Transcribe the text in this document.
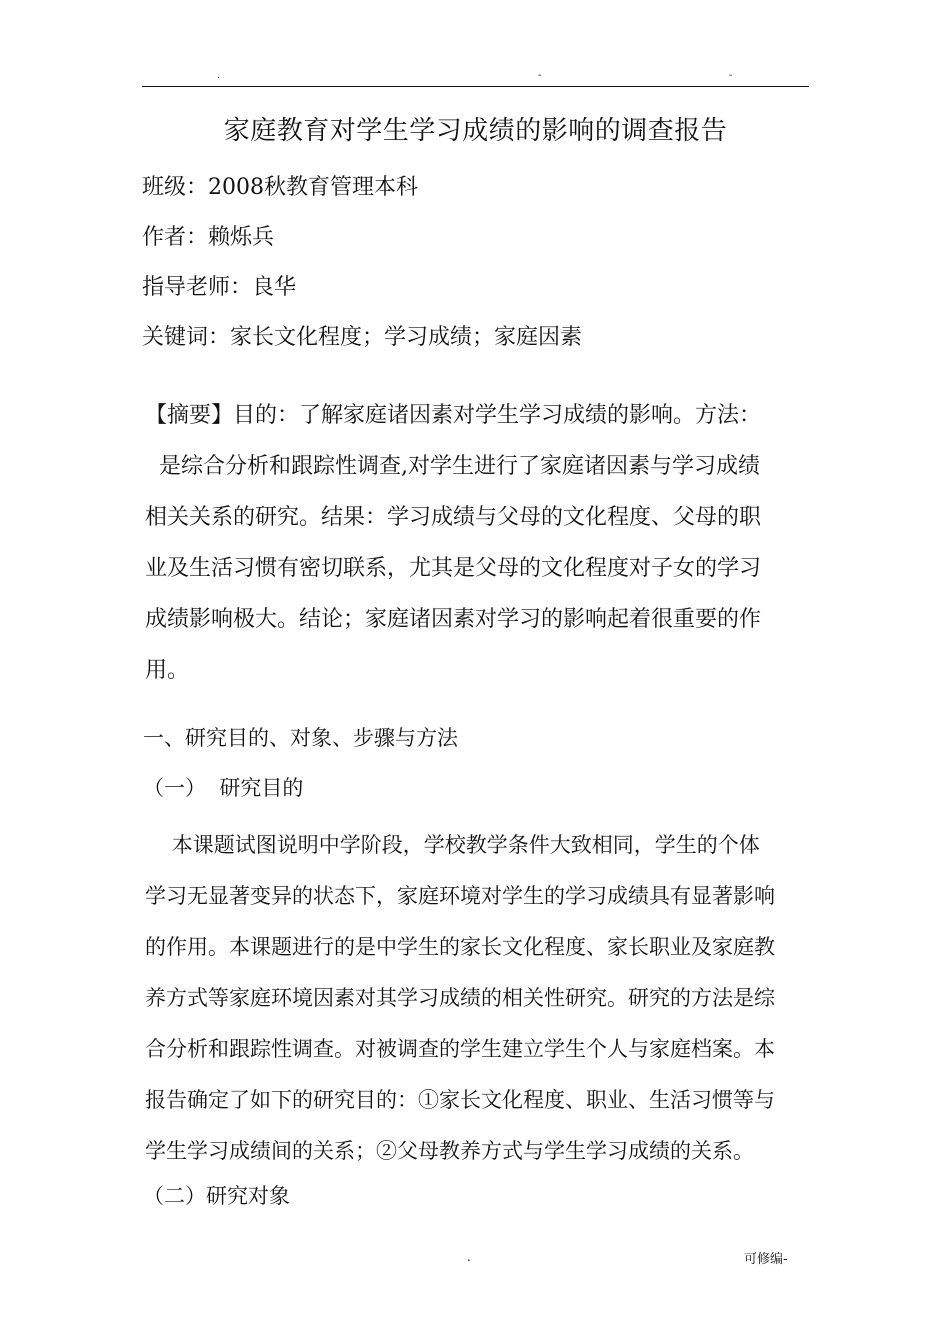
.	-	-
家庭教育对学生学习成绩的影响的调查报告
班级：2008秋教育管理本科
作者：赖烁兵
指导老师：良华
关键词：家长文化程度；学习成绩；家庭因素
【摘要】目的：了解家庭诸因素对学生学习成绩的影响。方法：
是综合分析和跟踪性调查,对学生进行了家庭诸因素与学习成绩
相关关系的研究。结果：学习成绩与父母的文化程度、父母的职
业及生活习惯有密切联系，尤其是父母的文化程度对子女的学习
成绩影响极大。结论；家庭诸因素对学习的影响起着很重要的作
用。
一、研究目的、对象、步骤与方法
（一）  研究目的
本课题试图说明中学阶段，学校教学条件大致相同，学生的个体
学习无显著变异的状态下，家庭环境对学生的学习成绩具有显著影响
的作用。本课题进行的是中学生的家长文化程度、家长职业及家庭教
养方式等家庭环境因素对其学习成绩的相关性研究。研究的方法是综
合分析和跟踪性调查。对被调查的学生建立学生个人与家庭档案。本
报告确定了如下的研究目的：①家长文化程度、职业、生活习惯等与
学生学习成绩间的关系；②父母教养方式与学生学习成绩的关系。
（二）研究对象
.	可修编-
